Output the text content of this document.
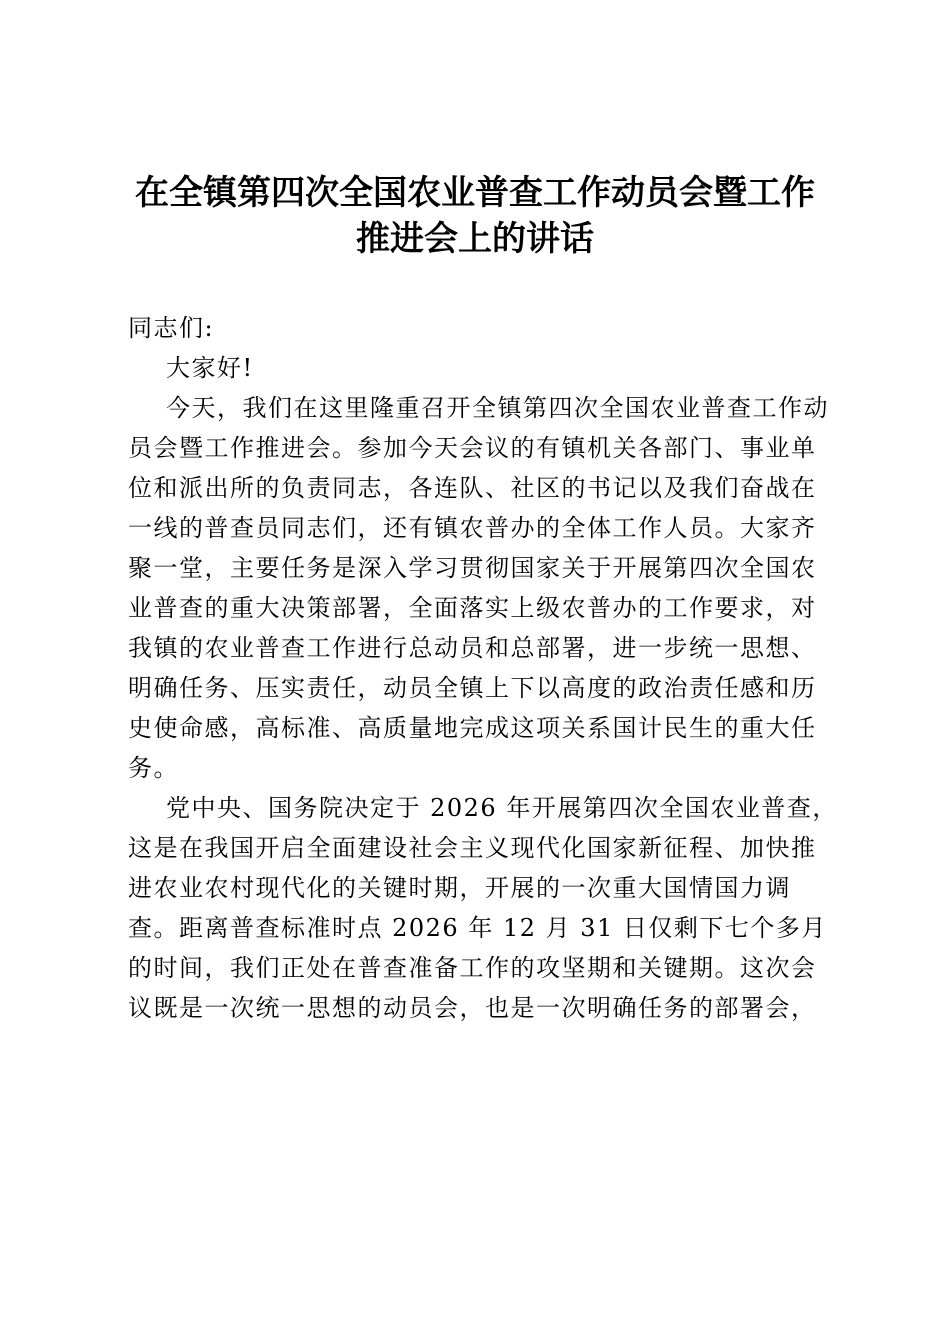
在全镇第四次全国农业普查工作动员会暨工作
推进会上的讲话
同志们:
大家好!
今天，我们在这里隆重召开全镇第四次全国农业普查工作动
员会暨工作推进会。参加今天会议的有镇机关各部门、事业单
位和派出所的负责同志，各连队、社区的书记以及我们奋战在
一线的普查员同志们，还有镇农普办的全体工作人员。大家齐
聚一堂，主要任务是深入学习贯彻国家关于开展第四次全国农
业普查的重大决策部署，全面落实上级农普办的工作要求，对
我镇的农业普查工作进行总动员和总部署，进一步统一思想、
明确任务、压实责任，动员全镇上下以高度的政治责任感和历
史使命感，高标准、高质量地完成这项关系国计民生的重大任
务。
党中央、国务院决定于 2026 年开展第四次全国农业普查，
这是在我国开启全面建设社会主义现代化国家新征程、加快推
进农业农村现代化的关键时期，开展的一次重大国情国力调
查。距离普查标准时点 2026 年 12 月 31 日仅剩下七个多月
的时间，我们正处在普查准备工作的攻坚期和关键期。这次会
议既是一次统一思想的动员会，也是一次明确任务的部署会，
